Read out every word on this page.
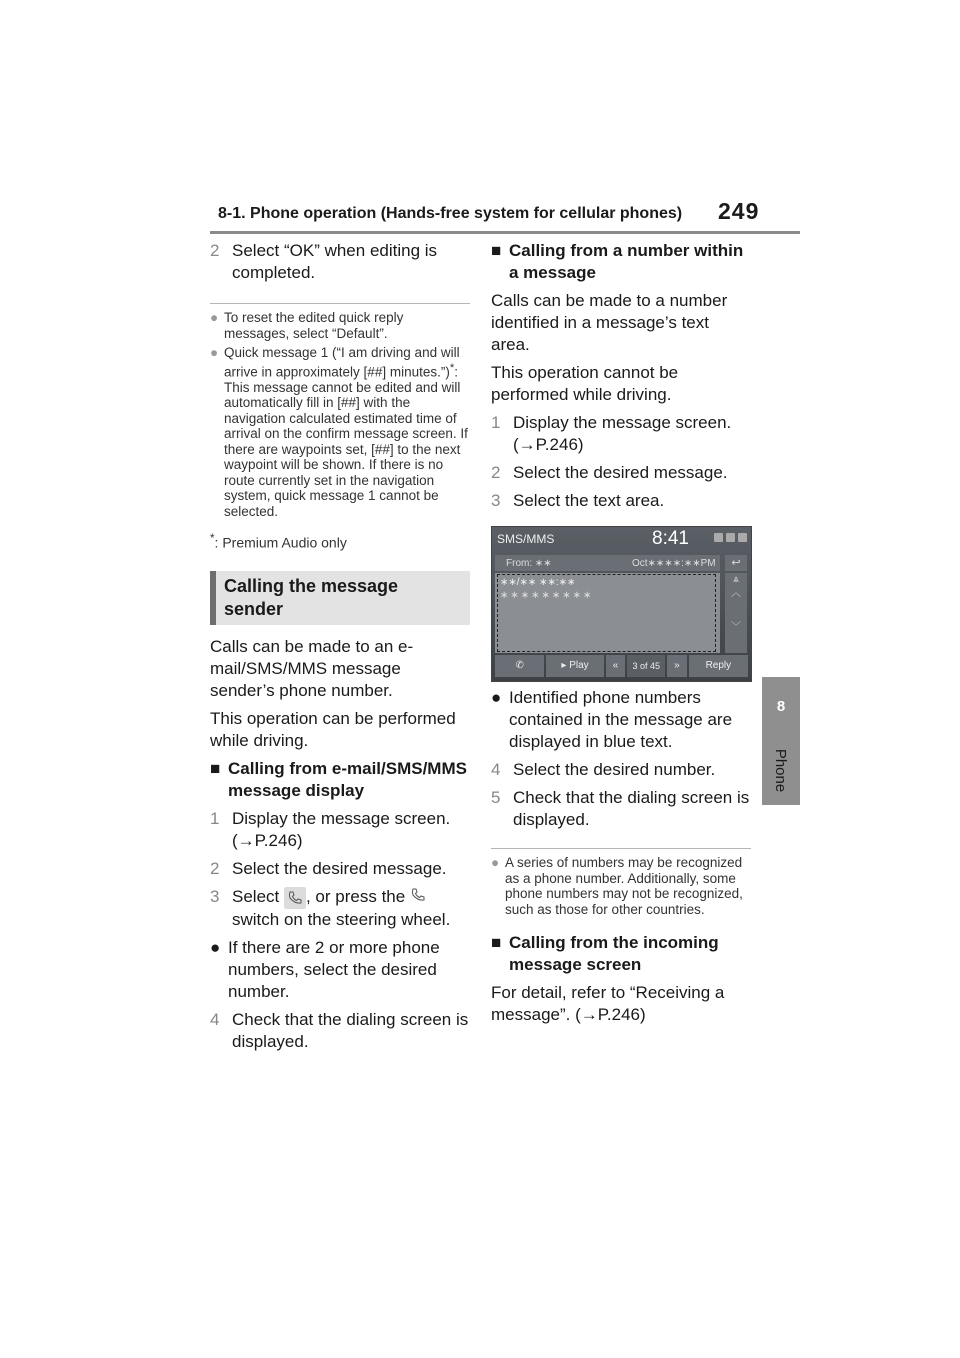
8-1. Phone operation (Hands-free system for cellular phones) 249
8
Phone
2 Select “OK” when editing is completed.
● To reset the edited quick reply messages, select “Default”.
● Quick message 1 (“I am driving and will arrive in approximately [##] minutes.”)*: This message cannot be edited and will automatically fill in [##] with the navigation calculated estimated time of arrival on the confirm message screen. If there are waypoints set, [##] to the next waypoint will be shown. If there is no route currently set in the navigation system, quick message 1 cannot be selected.
*: Premium Audio only
Calling the message sender

Calls can be made to an e-mail/SMS/MMS message sender’s phone number.

This operation can be performed while driving.

■ Calling from e-mail/SMS/MMS message display
1 Display the message screen. (→P.246)
2 Select the desired message.
3 Select , or press the  switch on the steering wheel.
● If there are 2 or more phone numbers, select the desired number.
4 Check that the dialing screen is displayed.
■ Calling from a number within a message

Calls can be made to a number identified in a message’s text area.

This operation cannot be performed while driving.

1 Display the message screen. (→P.246)
2 Select the desired message.
3 Select the text area.
SMS/MMS	8:41
From: ∗∗	Oct∗∗∗∗:∗∗PM	↩
∗∗/∗∗ ∗∗:∗∗
∗∗∗∗∗∗∗∗∗
⩓
︿
﹀
✆	▸ Play	«	3 of 45	»	Reply
● Identified phone numbers contained in the message are displayed in blue text.
4 Select the desired number.
5 Check that the dialing screen is displayed.
● A series of numbers may be recognized as a phone number. Additionally, some phone numbers may not be recognized, such as those for other countries.
■ Calling from the incoming message screen

For detail, refer to “Receiving a message”. (→P.246)
